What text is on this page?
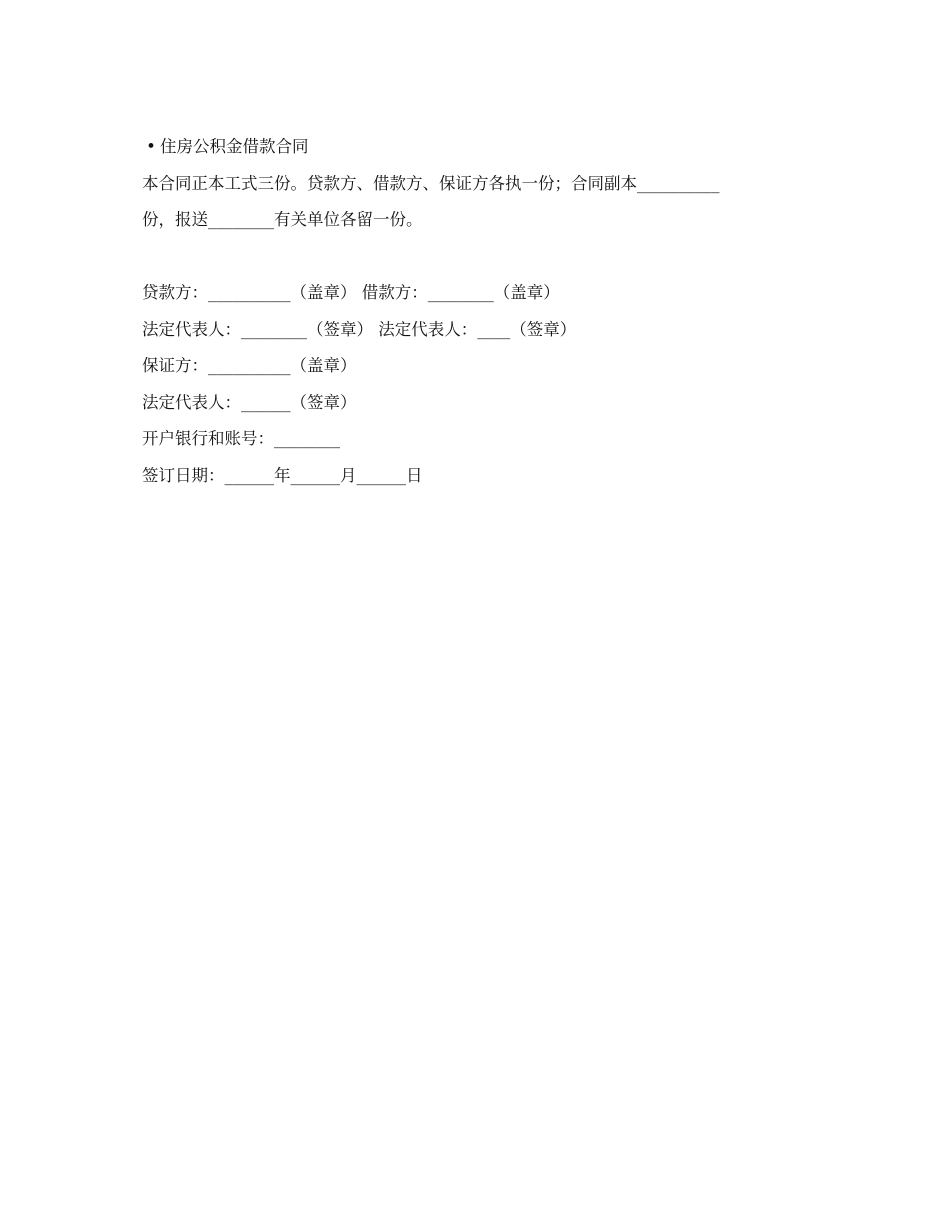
• 住房公积金借款合同
本合同正本工式三份。贷款方、借款方、保证方各执一份；合同副本__________
份，报送________有关单位各留一份。
贷款方：__________（盖章） 借款方：________（盖章）
法定代表人：________（签章） 法定代表人：____（签章）
保证方：__________（盖章）
法定代表人：______（签章）
开户银行和账号：________
签订日期：______年______月______日
